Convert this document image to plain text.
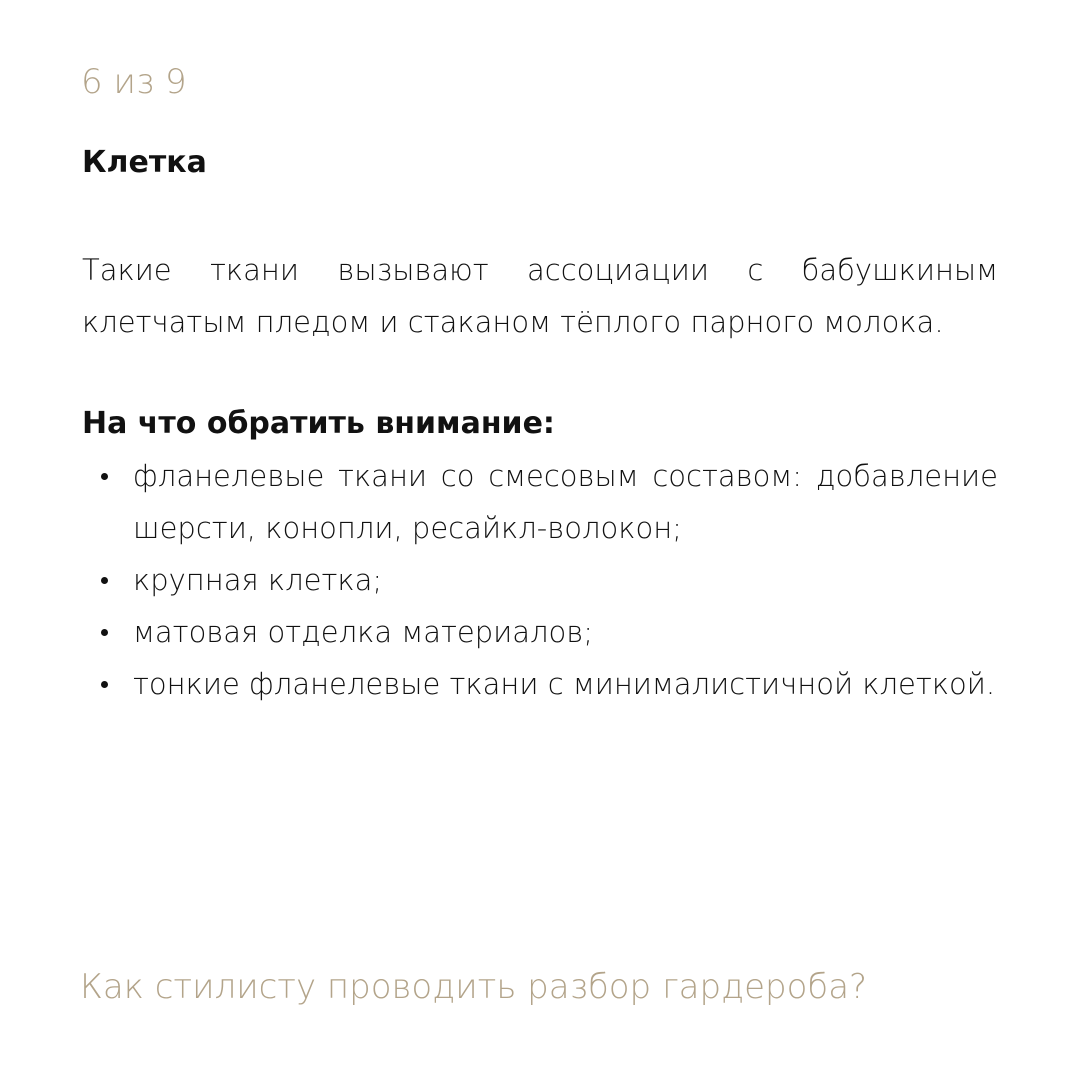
6 из 9
Клетка
Такие ткани вызывают ассоциации с бабушкиным клетчатым пледом и стаканом тёплого парного молока.
На что обратить внимание:
фланелевые ткани со смесовым составом: добавление шерсти, конопли, ресайкл-волокон;
крупная клетка;
матовая отделка материалов;
тонкие фланелевые ткани с минималистичной клеткой.
Как стилисту проводить разбор гардероба?
